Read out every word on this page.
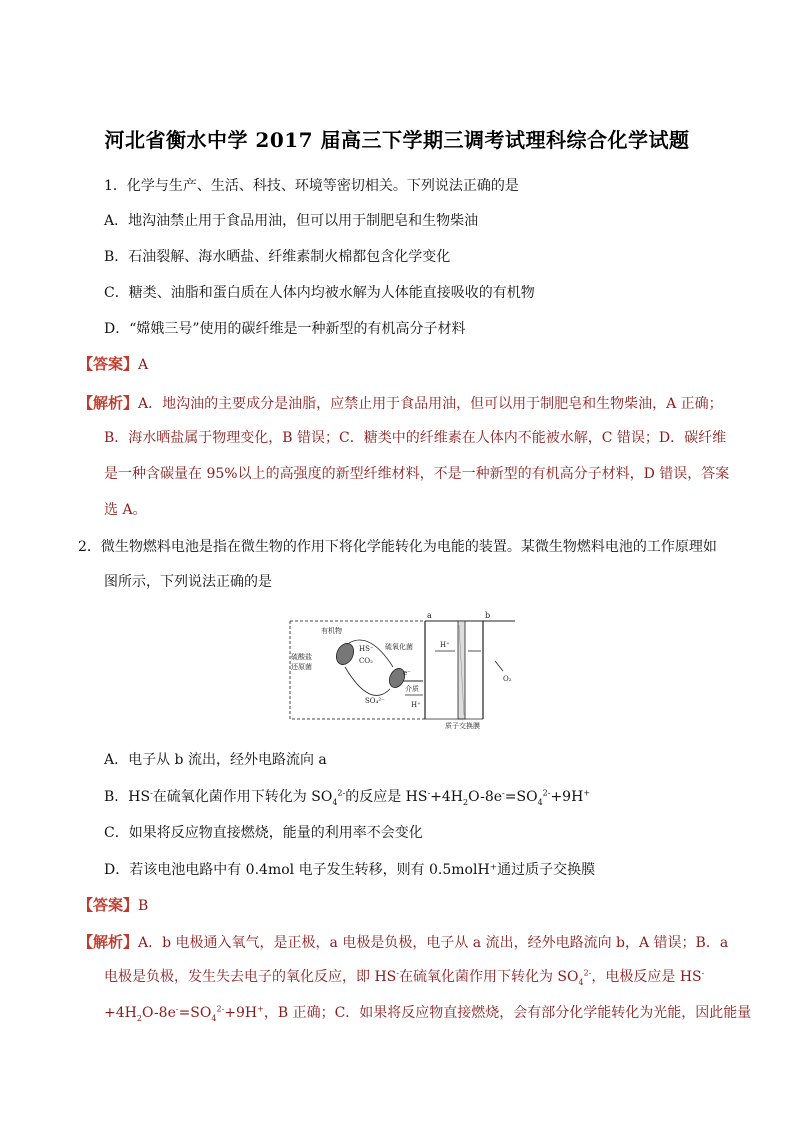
河北省衡水中学 2017 届高三下学期三调考试理科综合化学试题
1．化学与生产、生活、科技、环境等密切相关。下列说法正确的是
A．地沟油禁止用于食品用油，但可以用于制肥皂和生物柴油
B．石油裂解、海水晒盐、纤维素制火棉都包含化学变化
C．糖类、油脂和蛋白质在人体内均被水解为人体能直接吸收的有机物
D．“嫦娥三号”使用的碳纤维是一种新型的有机高分子材料
【答案】A
【解析】A．地沟油的主要成分是油脂，应禁止用于食品用油，但可以用于制肥皂和生物柴油，A 正确；
B．海水晒盐属于物理变化，B 错误；C．糖类中的纤维素在人体内不能被水解，C 错误；D．碳纤维
是一种含碳量在 95%以上的高强度的新型纤维材料，不是一种新型的有机高分子材料，D 错误，答案
选 A。
2．微生物燃料电池是指在微生物的作用下将化学能转化为电能的装置。某微生物燃料电池的工作原理如
图所示，下列说法正确的是
a	b
有机物
硫酸盐
还原菌
HS⁻
CO₂
SO₄²⁻
硫氧化菌
e⁻
介质
H⁺
H⁺
O₂
质子交换膜
A．电子从 b 流出，经外电路流向 a
B．HS-在硫氧化菌作用下转化为 $SO_4^{2-}$的反应是 $HS^-+4H_2O-8e^-=SO_4^{2-}+9H^+$
C．如果将反应物直接燃烧，能量的利用率不会变化
D．若该电池电路中有 0.4mol 电子发生转移，则有 0.5molH⁺通过质子交换膜
【答案】B
【解析】A．b 电极通入氧气，是正极，a 电极是负极，电子从 a 流出，经外电路流向 b，A 错误；B．a
电极是负极，发生失去电子的氧化反应，即 HS-在硫氧化菌作用下转化为 $SO_4^{2-}$，电极反应是 HS-
$+4H_2O-8e^-=SO_4^{2-}+9H^+$，B 正确；C．如果将反应物直接燃烧，会有部分化学能转化为光能，因此能量
